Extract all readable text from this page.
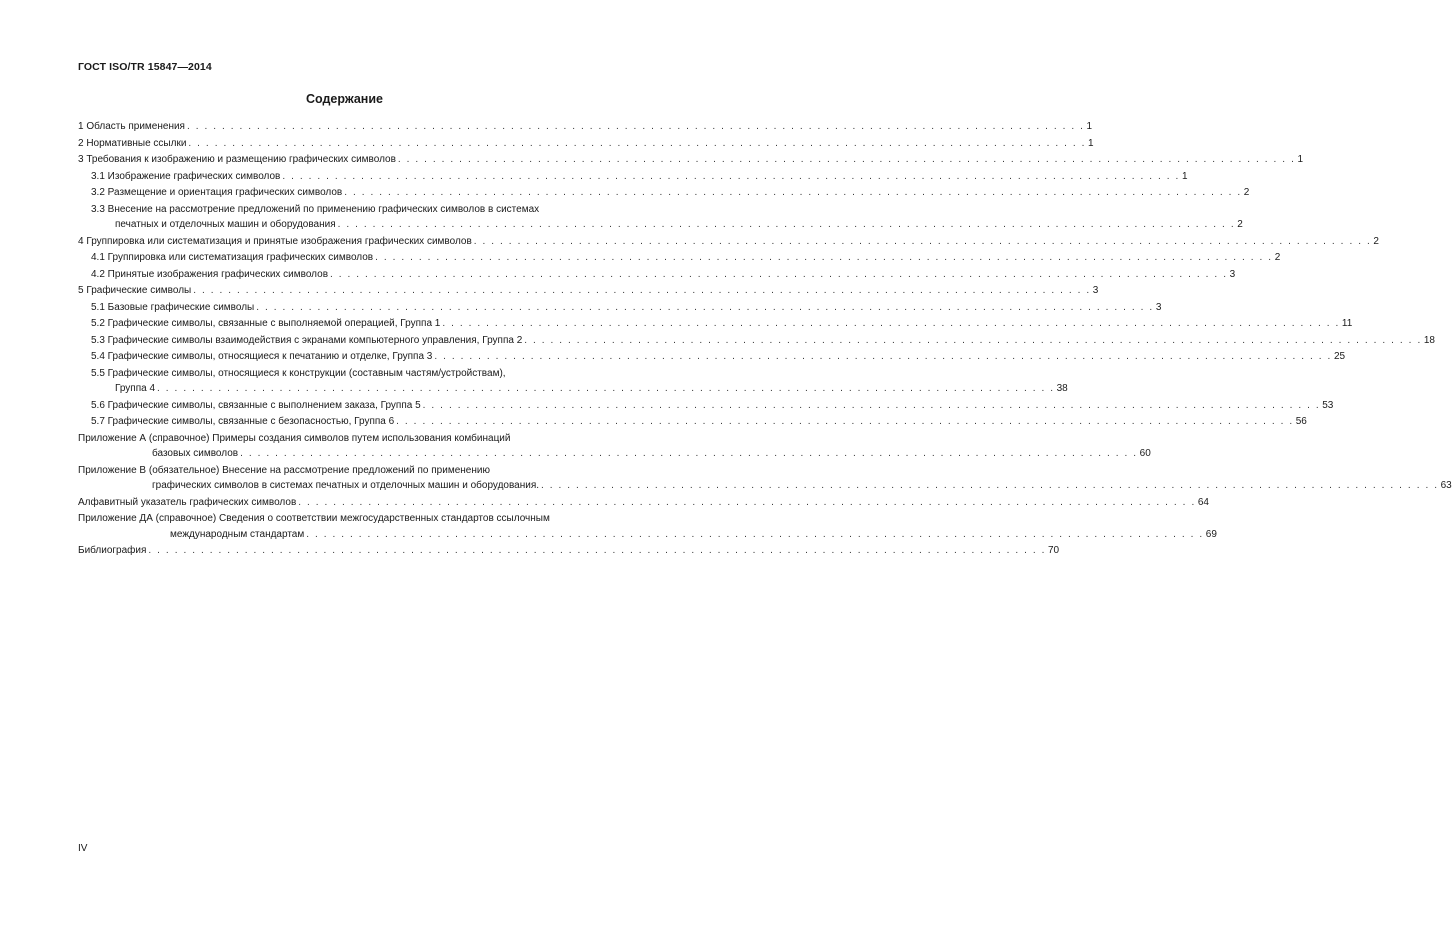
ГОСТ ISO/TR 15847—2014
Содержание
1 Область применения . . . . . . . . . . . . . . . . . . . . . . . . . . . . . . . . . . . . . . . . . . . . . . . . . . . . . . . . . . . . . . . . . . . . . . . . . . . . . . . . . . . . . . . . . . . . . . . . . . . . . . . 1
2 Нормативные ссылки . . . . . . . . . . . . . . . . . . . . . . . . . . . . . . . . . . . . . . . . . . . . . . . . . . . . . . . . . . . . . . . . . . . . . . . . . . . . . . . . . . . . . . . . . . . . . . . . . . . . . . . 1
3 Требования к изображению и размещению графических символов . . . . . . . . . . . . . . . . . . . . . . . . . . . . . . . . . . . . . . . . . . . . . . . . . . . . . . . . . . . . . . . . . . . . . . . . . . . . . . . . . . . . . . . . . . . . . . . . . . . . . . . 1
3.1 Изображение графических символов . . . . . . . . . . . . . . . . . . . . . . . . . . . . . . . . . . . . . . . . . . . . . . . . . . . . . . . . . . . . . . . . . . . . . . . . . . . . . . . . . . . . . . . . . . . . . . . . . . . . . . . 1
3.2 Размещение и ориентация графических символов . . . . . . . . . . . . . . . . . . . . . . . . . . . . . . . . . . . . . . . . . . . . . . . . . . . . . . . . . . . . . . . . . . . . . . . . . . . . . . . . . . . . . . . . . . . . . . . . . . . . . . . 2
3.3 Внесение на рассмотрение предложений по применению графических символов в системах
печатных и отделочных машин и оборудования . . . . . . . . . . . . . . . . . . . . . . . . . . . . . . . . . . . . . . . . . . . . . . . . . . . . . . . . . . . . . . . . . . . . . . . . . . . . . . . . . . . . . . . . . . . . . . . . . . . . . . . 2
4 Группировка или систематизация и принятые изображения графических символов . . . . . . . . . . . . . . . . . . . . . . . . . . . . . . . . . . . . . . . . . . . . . . . . . . . . . . . . . . . . . . . . . . . . . . . . . . . . . . . . . . . . . . . . . . . . . . . . . . . . . . . 2
4.1 Группировка или систематизация графических символов . . . . . . . . . . . . . . . . . . . . . . . . . . . . . . . . . . . . . . . . . . . . . . . . . . . . . . . . . . . . . . . . . . . . . . . . . . . . . . . . . . . . . . . . . . . . . . . . . . . . . . . 2
4.2 Принятые изображения графических символов . . . . . . . . . . . . . . . . . . . . . . . . . . . . . . . . . . . . . . . . . . . . . . . . . . . . . . . . . . . . . . . . . . . . . . . . . . . . . . . . . . . . . . . . . . . . . . . . . . . . . . . 3
5 Графические символы . . . . . . . . . . . . . . . . . . . . . . . . . . . . . . . . . . . . . . . . . . . . . . . . . . . . . . . . . . . . . . . . . . . . . . . . . . . . . . . . . . . . . . . . . . . . . . . . . . . . . . . 3
5.1 Базовые графические символы . . . . . . . . . . . . . . . . . . . . . . . . . . . . . . . . . . . . . . . . . . . . . . . . . . . . . . . . . . . . . . . . . . . . . . . . . . . . . . . . . . . . . . . . . . . . . . . . . . . . . . . 3
5.2 Графические символы, связанные с выполняемой операцией, Группа 1 . . . . . . . . . . . . . . . . . . . . . . . . . . . . . . . . . . . . . . . . . . . . . . . . . . . . . . . . . . . . . . . . . . . . . . . . . . . . . . . . . . . . . . . . . . . . . . . . . . . . . . . 11
5.3 Графические символы взаимодействия с экранами компьютерного управления, Группа 2 . . . . . . . . . . . . . . . . . . . . . . . . . . . . . . . . . . . . . . . . . . . . . . . . . . . . . . . . . . . . . . . . . . . . . . . . . . . . . . . . . . . . . . . . . . . . . . . . . . . . . . . 18
5.4 Графические символы, относящиеся к печатанию и отделке, Группа 3 . . . . . . . . . . . . . . . . . . . . . . . . . . . . . . . . . . . . . . . . . . . . . . . . . . . . . . . . . . . . . . . . . . . . . . . . . . . . . . . . . . . . . . . . . . . . . . . . . . . . . . . 25
5.5 Графические символы, относящиеся к конструкции (составным частям/устройствам),
Группа 4 . . . . . . . . . . . . . . . . . . . . . . . . . . . . . . . . . . . . . . . . . . . . . . . . . . . . . . . . . . . . . . . . . . . . . . . . . . . . . . . . . . . . . . . . . . . . . . . . . . . . . . . 38
5.6 Графические символы, связанные с выполнением заказа, Группа 5 . . . . . . . . . . . . . . . . . . . . . . . . . . . . . . . . . . . . . . . . . . . . . . . . . . . . . . . . . . . . . . . . . . . . . . . . . . . . . . . . . . . . . . . . . . . . . . . . . . . . . . . 53
5.7 Графические символы, связанные с безопасностью, Группа 6 . . . . . . . . . . . . . . . . . . . . . . . . . . . . . . . . . . . . . . . . . . . . . . . . . . . . . . . . . . . . . . . . . . . . . . . . . . . . . . . . . . . . . . . . . . . . . . . . . . . . . . . 56
Приложение А (справочное) Примеры создания символов путем использования комбинаций
базовых символов . . . . . . . . . . . . . . . . . . . . . . . . . . . . . . . . . . . . . . . . . . . . . . . . . . . . . . . . . . . . . . . . . . . . . . . . . . . . . . . . . . . . . . . . . . . . . . . . . . . . . . . 60
Приложение В (обязательное) Внесение на рассмотрение предложений по применению
графических символов в системах печатных и отделочных машин и оборудования. . . . . . . . . . . . . . . . . . . . . . . . . . . . . . . . . . . . . . . . . . . . . . . . . . . . . . . . . . . . . . . . . . . . . . . . . . . . . . . . . . . . . . . . . . . . . . . . . . . . . . . . 63
Алфавитный указатель графических символов . . . . . . . . . . . . . . . . . . . . . . . . . . . . . . . . . . . . . . . . . . . . . . . . . . . . . . . . . . . . . . . . . . . . . . . . . . . . . . . . . . . . . . . . . . . . . . . . . . . . . . . 64
Приложение ДА (справочное) Сведения о соответствии межгосударственных стандартов ссылочным
международным стандартам . . . . . . . . . . . . . . . . . . . . . . . . . . . . . . . . . . . . . . . . . . . . . . . . . . . . . . . . . . . . . . . . . . . . . . . . . . . . . . . . . . . . . . . . . . . . . . . . . . . . . . . 69
Библиография . . . . . . . . . . . . . . . . . . . . . . . . . . . . . . . . . . . . . . . . . . . . . . . . . . . . . . . . . . . . . . . . . . . . . . . . . . . . . . . . . . . . . . . . . . . . . . . . . . . . . . . 70
IV
